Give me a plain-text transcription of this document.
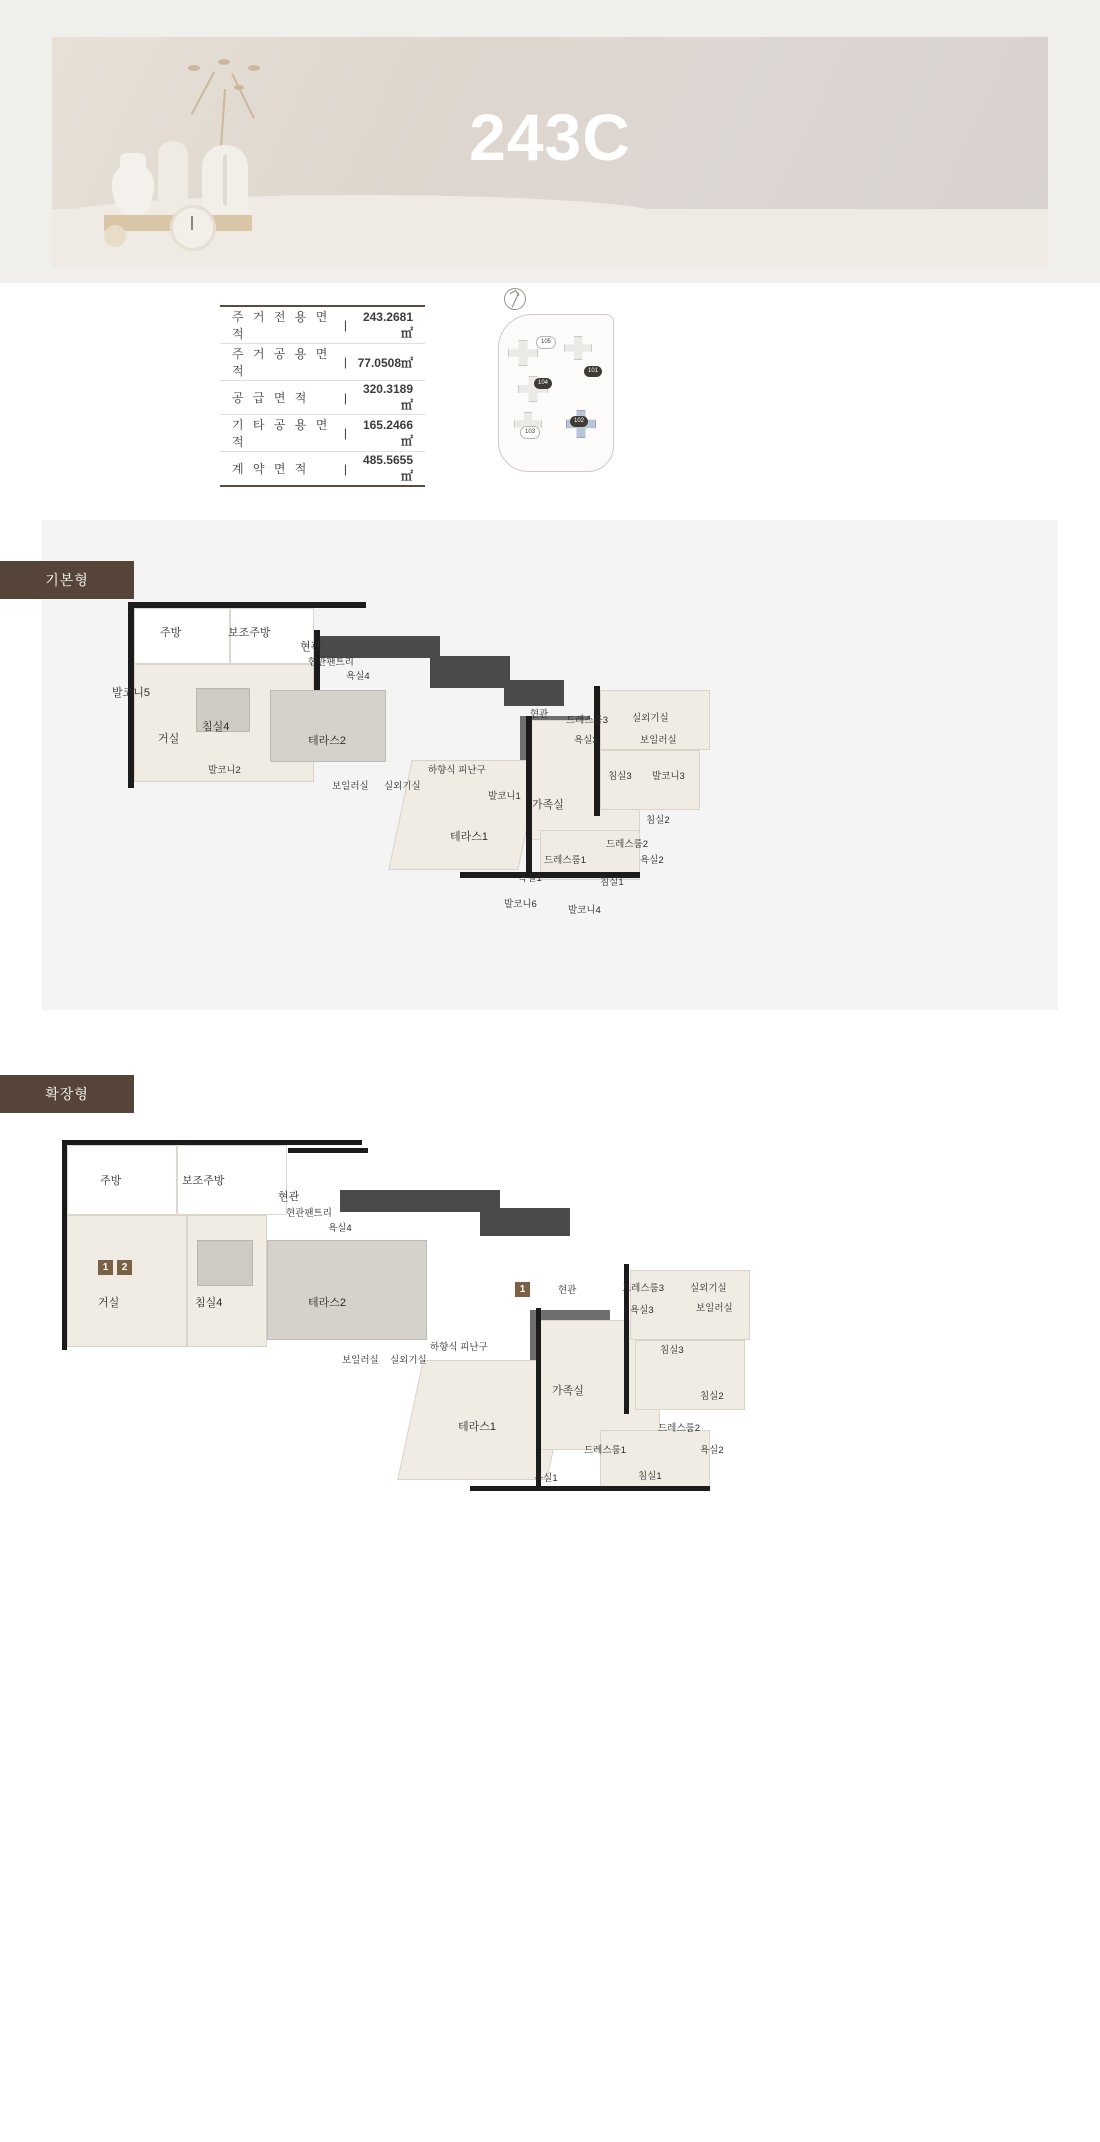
243C
주 거 전 용 면 적	|	243.2681㎡
주 거 공 용 면 적	|	77.0508㎡
공 급 면 적	|	320.3189㎡
기 타 공 용 면 적	|	165.2466㎡
계 약 면 적	|	485.5655㎡
105
101
104
103
102
기본형
주방	보조주방
현관
현관팬트리
욕실4
발코니5
거실
침실4
발코니2
테라스2
보일러실 실외기실
하향식 피난구
발코니1
가족실
테라스1
드레스룸1
욕실1
발코니6
침실1
발코니4
현관
드레스룸3	실외기실
욕실3	보일러실
침실3 발코니3
침실2
드레스룸2
욕실2
확장형
1	2
1
주방	보조주방
현관
현관팬트리
욕실4
거실	침실4	테라스2
보일러실 실외기실
하향식 피난구
가족실
테라스1
드레스룸1
욕실1	침실1
현관	드레스룸3	실외기실
욕실3	보일러실
침실3
침실2
드레스룸2
욕실2
